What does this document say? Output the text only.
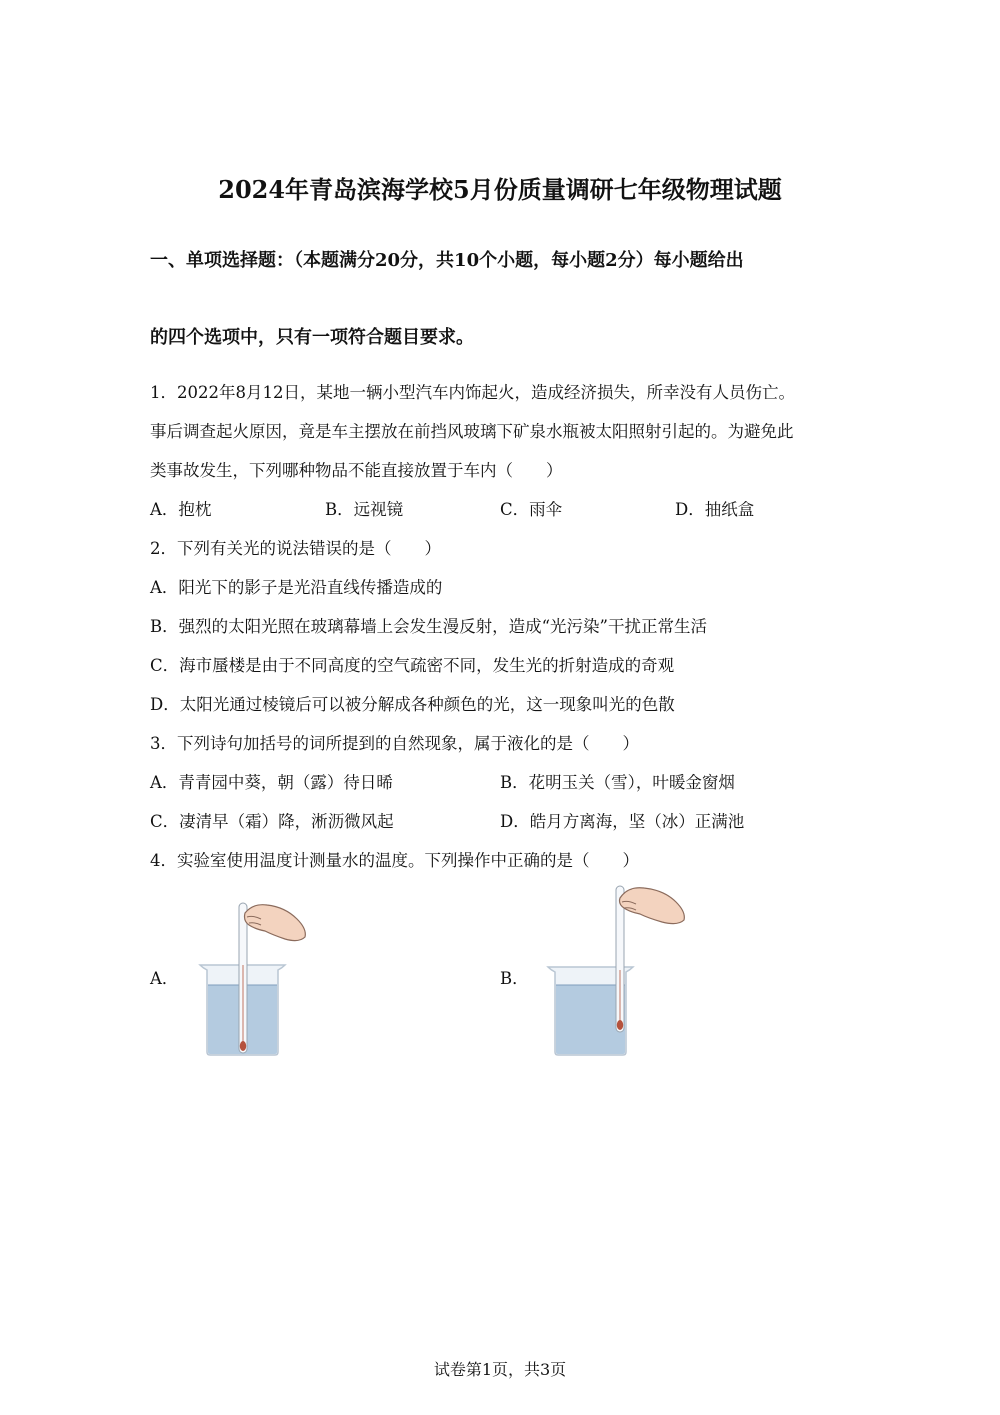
2024年青岛滨海学校5月份质量调研七年级物理试题
一、单项选择题：（本题满分20分，共10个小题，每小题2分）每小题给出
的四个选项中，只有一项符合题目要求。
1．2022年8月12日，某地一辆小型汽车内饰起火，造成经济损失，所幸没有人员伤亡。
事后调查起火原因，竟是车主摆放在前挡风玻璃下矿泉水瓶被太阳照射引起的。为避免此
类事故发生，下列哪种物品不能直接放置于车内（　　）
A．抱枕	B．远视镜	C．雨伞	D．抽纸盒
2．下列有关光的说法错误的是（　　）
A．阳光下的影子是光沿直线传播造成的
B．强烈的太阳光照在玻璃幕墙上会发生漫反射，造成“光污染”干扰正常生活
C．海市蜃楼是由于不同高度的空气疏密不同，发生光的折射造成的奇观
D．太阳光通过棱镜后可以被分解成各种颜色的光，这一现象叫光的色散
3．下列诗句加括号的词所提到的自然现象，属于液化的是（　　）
A．青青园中葵，朝（露）待日晞	B．花明玉关（雪），叶暖金窗烟
C．凄清早（霜）降，淅沥微风起	D．皓月方离海，坚（冰）正满池
4．实验室使用温度计测量水的温度。下列操作中正确的是（　　）
A．	B．
试卷第1页，共3页
